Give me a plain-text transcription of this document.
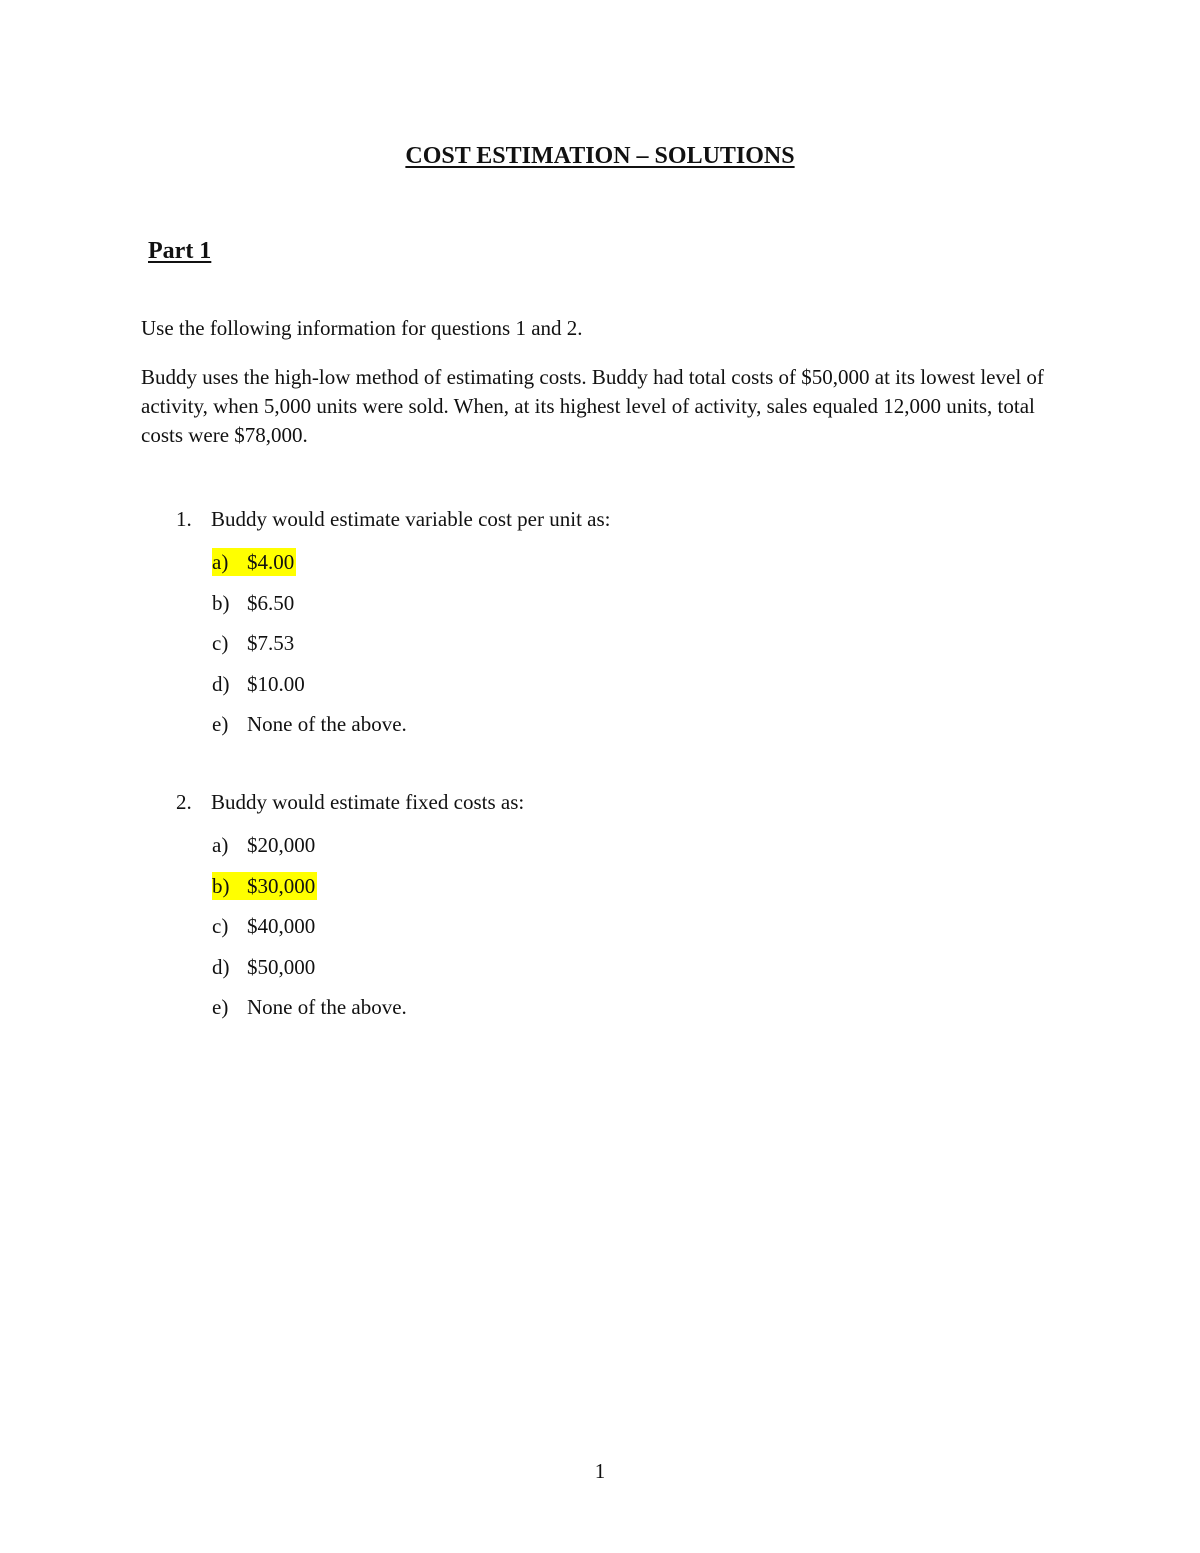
COST ESTIMATION – SOLUTIONS
Part 1

Use the following information for questions 1 and 2.

Buddy uses the high-low method of estimating costs. Buddy had total costs of $50,000 at its lowest level of activity, when 5,000 units were sold. When, at its highest level of activity, sales equaled 12,000 units, total costs were $78,000.

1. Buddy would estimate variable cost per unit as:
a) $4.00
b) $6.50
c) $7.53
d) $10.00
e) None of the above.
2. Buddy would estimate fixed costs as:
a) $20,000
b) $30,000
c) $40,000
d) $50,000
e) None of the above.
1
